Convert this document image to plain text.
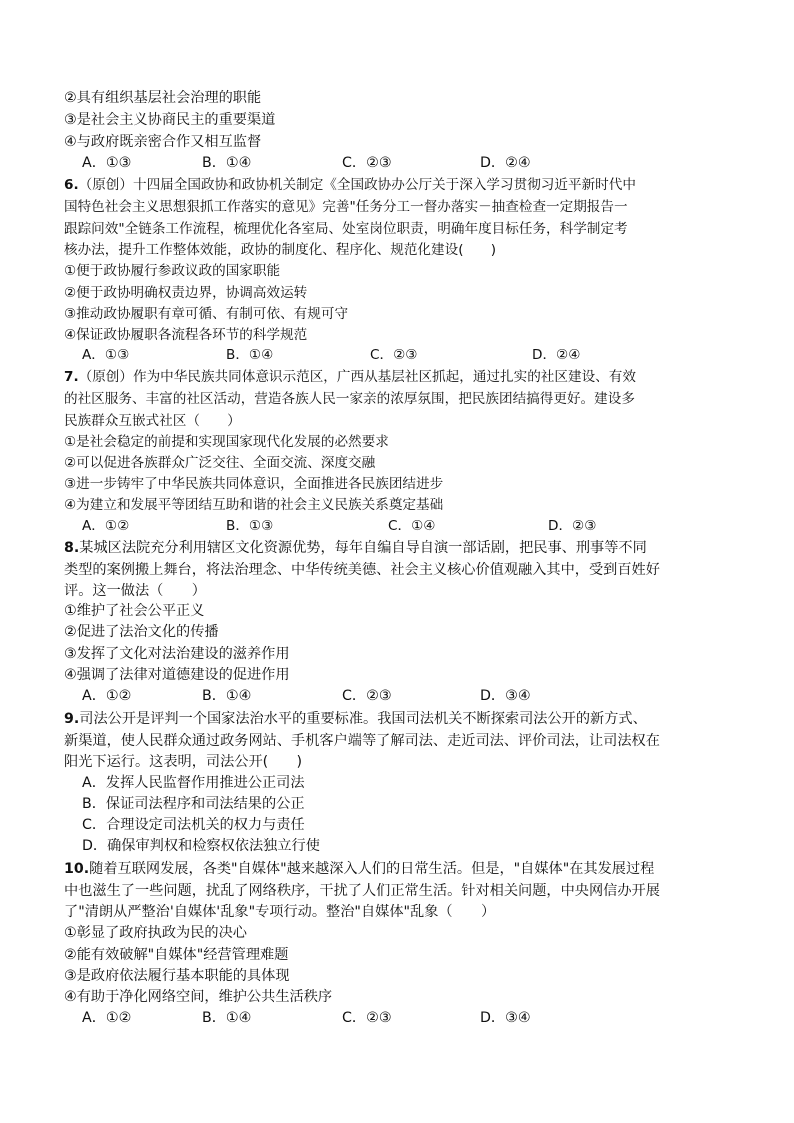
②具有组织基层社会治理的职能
③是社会主义协商民主的重要渠道
④与政府既亲密合作又相互监督
A．①③	B．①④	C．②③	D．②④
6.（原创）十四届全国政协和政协机关制定《全国政协办公厅关于深入学习贯彻习近平新时代中
国特色社会主义思想狠抓工作落实的意见》完善"任务分工一督办落实－抽查检查一定期报告一
跟踪问效"全链条工作流程，梳理优化各室局、处室岗位职责，明确年度目标任务，科学制定考
核办法，提升工作整体效能，政协的制度化、程序化、规范化建设(　　)
①便于政协履行参政议政的国家职能
②便于政协明确权责边界，协调高效运转
③推动政协履职有章可循、有制可依、有规可守
④保证政协履职各流程各环节的科学规范
A．①③	B．①④	C．②③	D．②④
7.（原创）作为中华民族共同体意识示范区，广西从基层社区抓起，通过扎实的社区建设、有效
的社区服务、丰富的社区活动，营造各族人民一家亲的浓厚氛围，把民族团结搞得更好。建设多
民族群众互嵌式社区（　　）
①是社会稳定的前提和实现国家现代化发展的必然要求
②可以促进各族群众广泛交往、全面交流、深度交融
③进一步铸牢了中华民族共同体意识，全面推进各民族团结进步
④为建立和发展平等团结互助和谐的社会主义民族关系奠定基础
A．①②	B．①③	C．①④	D．②③
8.某城区法院充分利用辖区文化资源优势，每年自编自导自演一部话剧，把民事、刑事等不同
类型的案例搬上舞台，将法治理念、中华传统美德、社会主义核心价值观融入其中，受到百姓好
评。这一做法（　　）
①维护了社会公平正义
②促进了法治文化的传播
③发挥了文化对法治建设的滋养作用
④强调了法律对道德建设的促进作用
A．①②	B．①④	C．②③	D．③④
9.司法公开是评判一个国家法治水平的重要标准。我国司法机关不断探索司法公开的新方式、
新渠道，使人民群众通过政务网站、手机客户端等了解司法、走近司法、评价司法，让司法权在
阳光下运行。这表明，司法公开(　　)
A．发挥人民监督作用推进公正司法
B．保证司法程序和司法结果的公正
C．合理设定司法机关的权力与责任
D．确保审判权和检察权依法独立行使
10.随着互联网发展，各类"自媒体"越来越深入人们的日常生活。但是，"自媒体"在其发展过程
中也滋生了一些问题，扰乱了网络秩序，干扰了人们正常生活。针对相关问题，中央网信办开展
了"清朗从严整治'自媒体'乱象"专项行动。整治"自媒体"乱象（　　）
①彰显了政府执政为民的决心
②能有效破解"自媒体"经营管理难题
③是政府依法履行基本职能的具体现
④有助于净化网络空间，维护公共生活秩序
A．①②	B．①④	C．②③	D．③④
